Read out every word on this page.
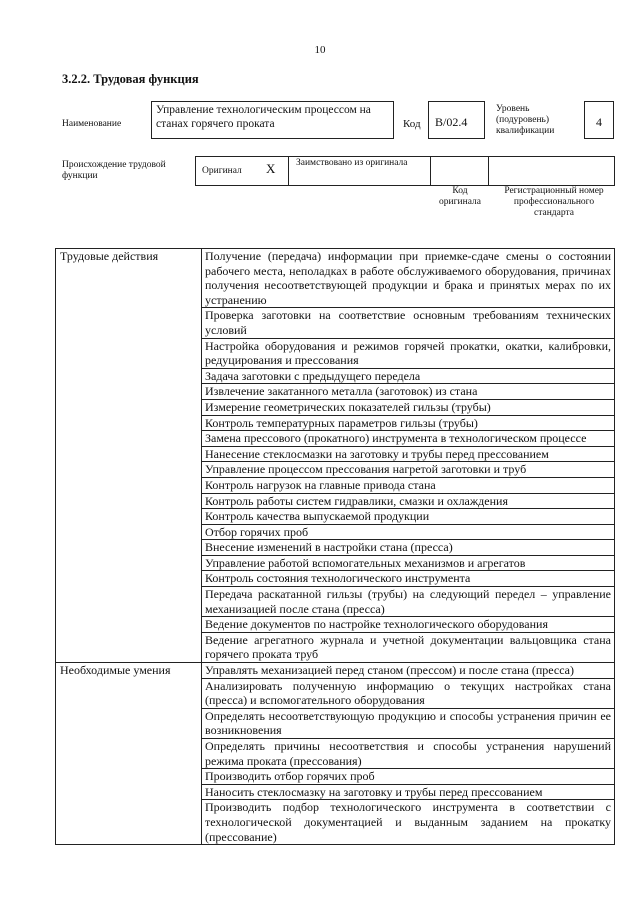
10
3.2.2. Трудовая функция
Наименование
Управление технологическим процессом на станах горячего проката	Код	B/02.4
Уровень (подуровень) квалификации
4
Происхождение трудовой функции	Оригинал X Заимствовано из оригинала
Код оригинала
Регистрационный номер профессионального стандарта
Трудовые действия	Получение (передача) информации при приемке-сдаче смены о состоянии рабочего места, неполадках в работе обслуживаемого оборудования, причинах получения несоответствующей продукции и брака и принятых мерах по их устранению
	Проверка заготовки на соответствие основным требованиям технических условий
	Настройка оборудования и режимов горячей прокатки, окатки, калибровки, редуцирования и прессования
	Задача заготовки с предыдущего передела
	Извлечение закатанного металла (заготовок) из стана
	Измерение геометрических показателей гильзы (трубы)
	Контроль температурных параметров гильзы (трубы)
	Замена прессового (прокатного) инструмента в технологическом процессе
	Нанесение стеклосмазки на заготовку и трубы перед прессованием
	Управление процессом прессования нагретой заготовки и труб
	Контроль нагрузок на главные привода стана
	Контроль работы систем гидравлики, смазки и охлаждения
	Контроль качества выпускаемой продукции
	Отбор горячих проб
	Внесение изменений в настройки стана (пресса)
	Управление работой вспомогательных механизмов и агрегатов
	Контроль состояния технологического инструмента
	Передача раскатанной гильзы (трубы) на следующий передел – управление механизацией после стана (пресса)
	Ведение документов по настройке технологического оборудования
	Ведение агрегатного журнала и учетной документации вальцовщика стана горячего проката труб
Необходимые умения	Управлять механизацией перед станом (прессом) и после стана (пресса)
	Анализировать полученную информацию о текущих настройках стана (пресса) и вспомогательного оборудования
	Определять несоответствующую продукцию и способы устранения причин ее возникновения
	Определять причины несоответствия и способы устранения нарушений режима проката (прессования)
	Производить отбор горячих проб
	Наносить стеклосмазку на заготовку и трубы перед прессованием
	Производить подбор технологического инструмента в соответствии с технологической документацией и выданным заданием на прокатку (прессование)
